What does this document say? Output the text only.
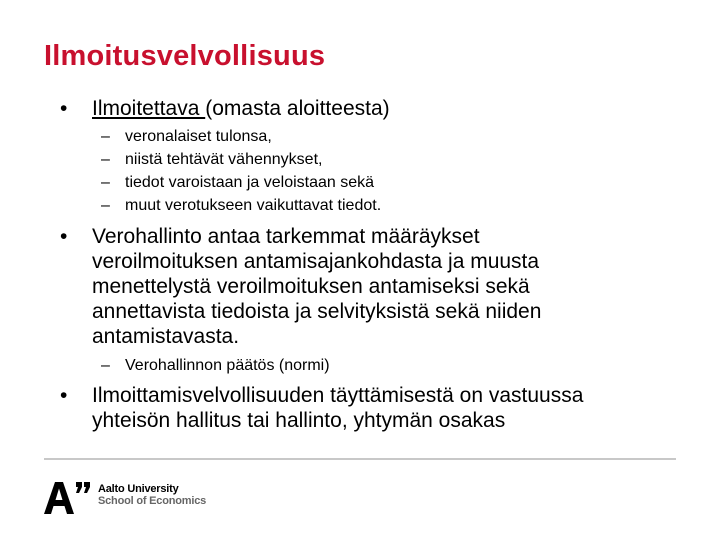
Ilmoitusvelvollisuus
•	Ilmoitettava (omasta aloitteesta)
– veronalaiset tulonsa,
– niistä tehtävät vähennykset,
– tiedot varoistaan ja veloistaan sekä
– muut verotukseen vaikuttavat tiedot.
•	Verohallinto antaa tarkemmat määräykset
veroilmoituksen antamisajankohdasta ja muusta
menettelystä veroilmoituksen antamiseksi sekä
annettavista tiedoista ja selvityksistä sekä niiden
antamistavasta.
– Verohallinnon päätös (normi)
•	Ilmoittamisvelvollisuuden täyttämisestä on vastuussa
yhteisön hallitus tai hallinto, yhtymän osakas
Aalto University
School of Economics
